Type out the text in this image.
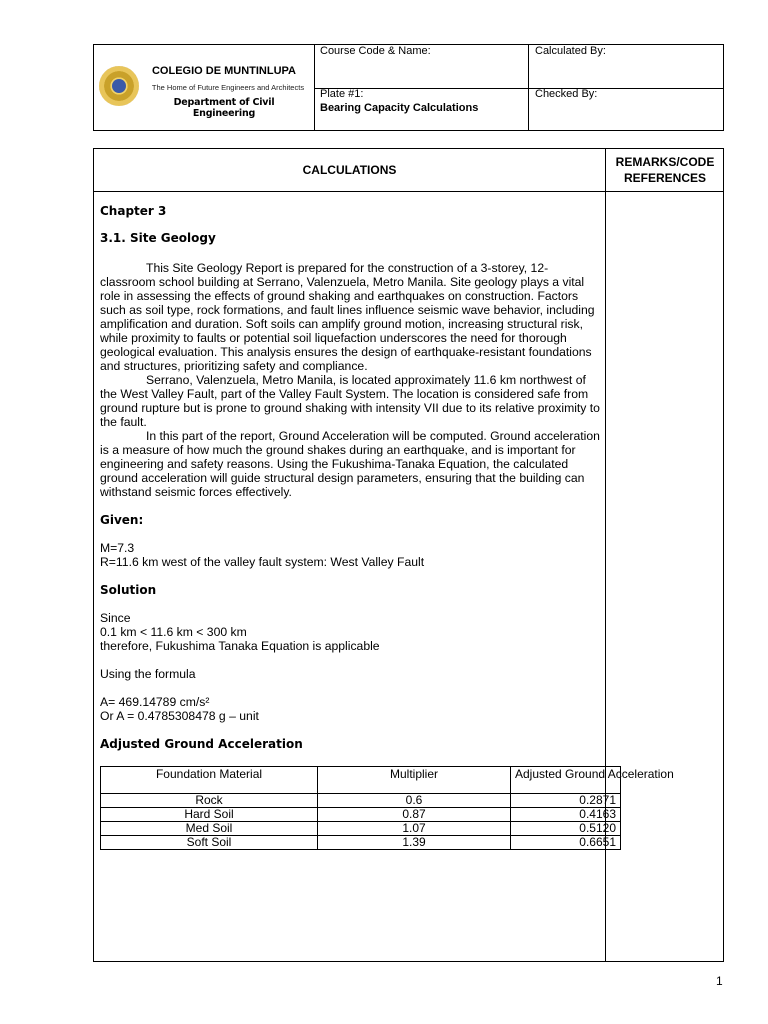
COLEGIO DE MUNTINLUPA
The Home of Future Engineers and Architects
Department of Civil Engineering
Course Code & Name:	Calculated By:
Plate #1:
Bearing Capacity Calculations
Checked By:
CALCULATIONS
REMARKS/CODE REFERENCES

Chapter 3

3.1. Site Geology

This Site Geology Report is prepared for the construction of a 3-storey, 12-classroom school building at Serrano, Valenzuela, Metro Manila. Site geology plays a vital role in assessing the effects of ground shaking and earthquakes on construction. Factors such as soil type, rock formations, and fault lines influence seismic wave behavior, including amplification and duration. Soft soils can amplify ground motion, increasing structural risk, while proximity to faults or potential soil liquefaction underscores the need for thorough geological evaluation. This analysis ensures the design of earthquake-resistant foundations and structures, prioritizing safety and compliance.

Serrano, Valenzuela, Metro Manila, is located approximately 11.6 km northwest of the West Valley Fault, part of the Valley Fault System. The location is considered safe from ground rupture but is prone to ground shaking with intensity VII due to its relative proximity to the fault.

In this part of the report, Ground Acceleration will be computed. Ground acceleration is a measure of how much the ground shakes during an earthquake, and is important for engineering and safety reasons. Using the Fukushima-Tanaka Equation, the calculated ground acceleration will guide structural design parameters, ensuring that the building can withstand seismic forces effectively.

Given:

M=7.3

R=11.6 km west of the valley fault system: West Valley Fault

Solution

Since

0.1 km < 11.6 km < 300 km

therefore, Fukushima Tanaka Equation is applicable

Using the formula

A= 469.14789 cm/s²

Or A = 0.4785308478 g – unit

Adjusted Ground Acceleration

Foundation Material	Multiplier	Adjusted Ground Acceleration
Rock	0.6	0.2871
Hard Soil	0.87	0.4163
Med Soil	1.07	0.5120
Soft Soil	1.39	0.6651
1
